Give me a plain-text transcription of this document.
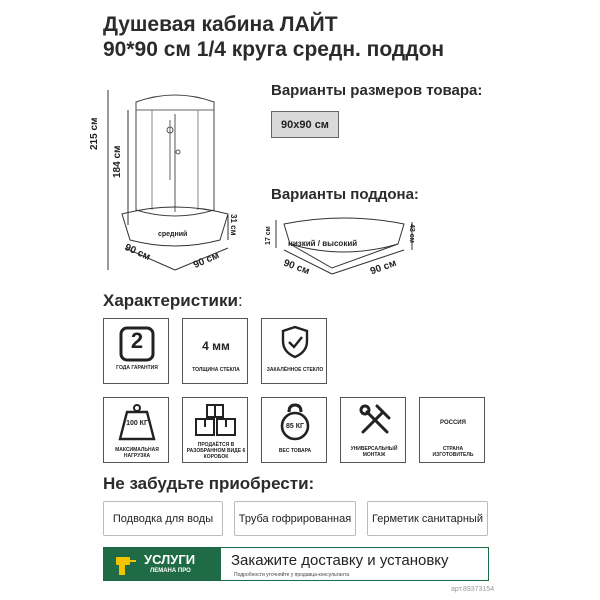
Душевая кабина ЛАЙТ
90*90 см 1/4 круга средн. поддон
215 см
184 см
31 см
средний
90 см	90 см
Варианты размеров товара:
90x90 см
Варианты поддона:
низкий / высокий
17 см	43 см
90 см	90 см
Характеристики:
2
ГОДА ГАРАНТИЯ
4 мм
ТОЛЩИНА СТЕКЛА	ЗАКАЛЁННОЕ СТЕКЛО
100 КГ
МАКСИМАЛЬНАЯ НАГРУЗКА
ПРОДАЁТСЯ В РАЗОБРАННОМ ВИДЕ 6 КОРОБОК
85 КГ
ВЕС ТОВАРА	УНИВЕРСАЛЬНЫЙ МОНТАЖ
РОССИЯ
СТРАНА ИЗГОТОВИТЕЛЬ
Не забудьте приобрести:
Подводка для воды	Труба гофрированная	Герметик санитарный
УСЛУГИ
ЛЕМАНА ПРО
Закажите доставку и установку
Подробности уточняйте у продавца-консультанта
арт.89373154
